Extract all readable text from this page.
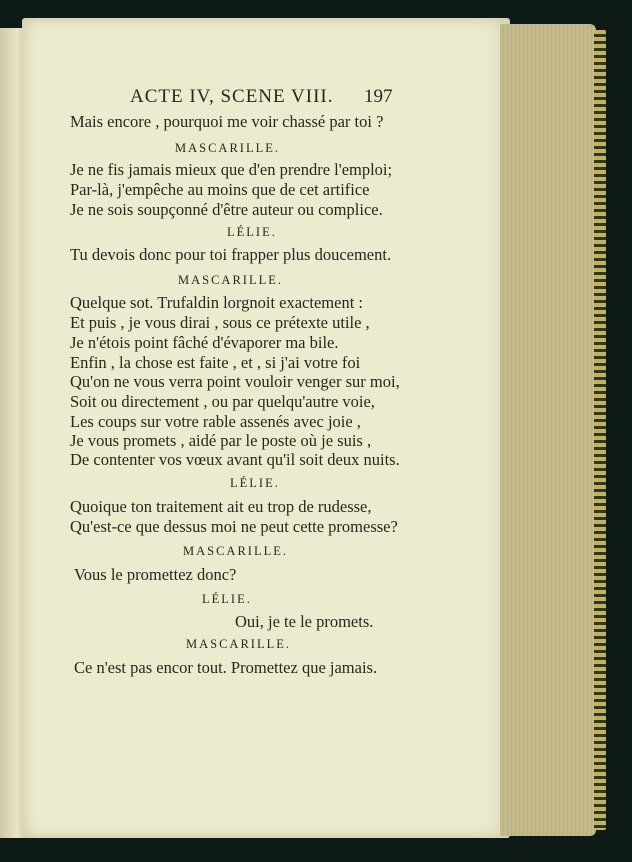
ACTE IV, SCENE VIII. 197
Mais encore , pourquoi me voir chassé par toi ?
MASCARILLE.
Je ne fis jamais mieux que d'en prendre l'emploi;
Par-là, j'empêche au moins que de cet artifice
Je ne sois soupçonné d'être auteur ou complice.
LÉLIE.
Tu devois donc pour toi frapper plus doucement.
MASCARILLE.
Quelque sot. Trufaldin lorgnoit exactement :
Et puis , je vous dirai , sous ce prétexte utile ,
Je n'étois point fâché d'évaporer ma bile.
Enfin , la chose est faite , et , si j'ai votre foi
Qu'on ne vous verra point vouloir venger sur moi,
Soit ou directement , ou par quelqu'autre voie,
Les coups sur votre rable assenés avec joie ,
Je vous promets , aidé par le poste où je suis ,
De contenter vos vœux avant qu'il soit deux nuits.
LÉLIE.
Quoique ton traitement ait eu trop de rudesse,
Qu'est-ce que dessus moi ne peut cette promesse?
MASCARILLE.
Vous le promettez donc?
LÉLIE.
Oui, je te le promets.
MASCARILLE.
Ce n'est pas encor tout. Promettez que jamais.
